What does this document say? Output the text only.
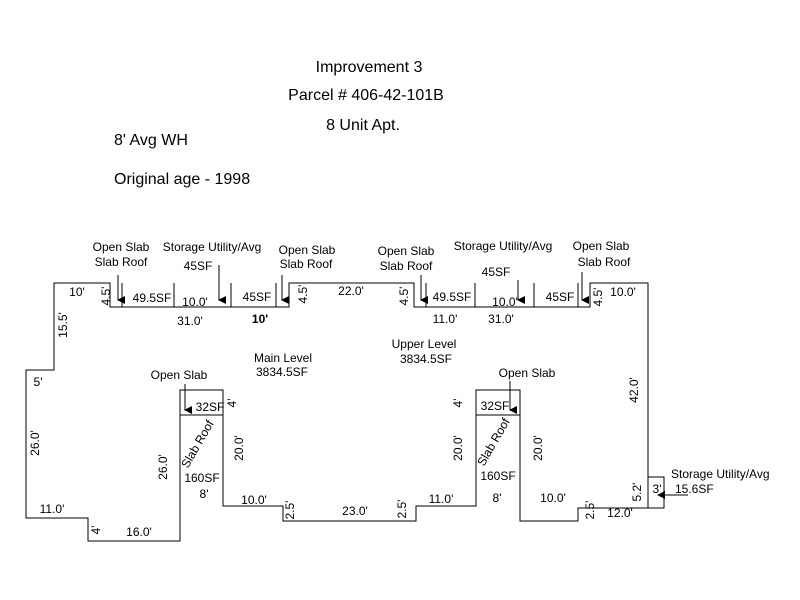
Improvement 3
Parcel # 406-42-101B
8 Unit Apt.
8' Avg WH
Original age - 1998
Open Slab Slab Roof
Storage Utility/Avg
45SF
Open Slab Slab Roof
Open Slab Slab Roof
Storage Utility/Avg
45SF
Open Slab Slab Roof
Open Slab	Open Slab
Storage Utility/Avg
15.6SF
Main Level
3834.5SF
Upper Level
3834.5SF
49.5SF	45SF	49.5SF	45SF
32SF	32SF
Slab Roof
160SF
Slab Roof
160SF
10'
10.0'
22.0'
10.0'
10.0'
31.0'	10'	11.0'	31.0'
5'
11.0'
16.0'
8'	10.0'
23.0'
11.0'	8'	10.0'
12.0'
3'
4.5'	4.5'	4.5'	4.5'
15.5'
26.0'
4'
26.0'
4'
20.0'
2.5'	2.5'
4'
20.0'	20.0'
2.5'
42.0'
5.2'
